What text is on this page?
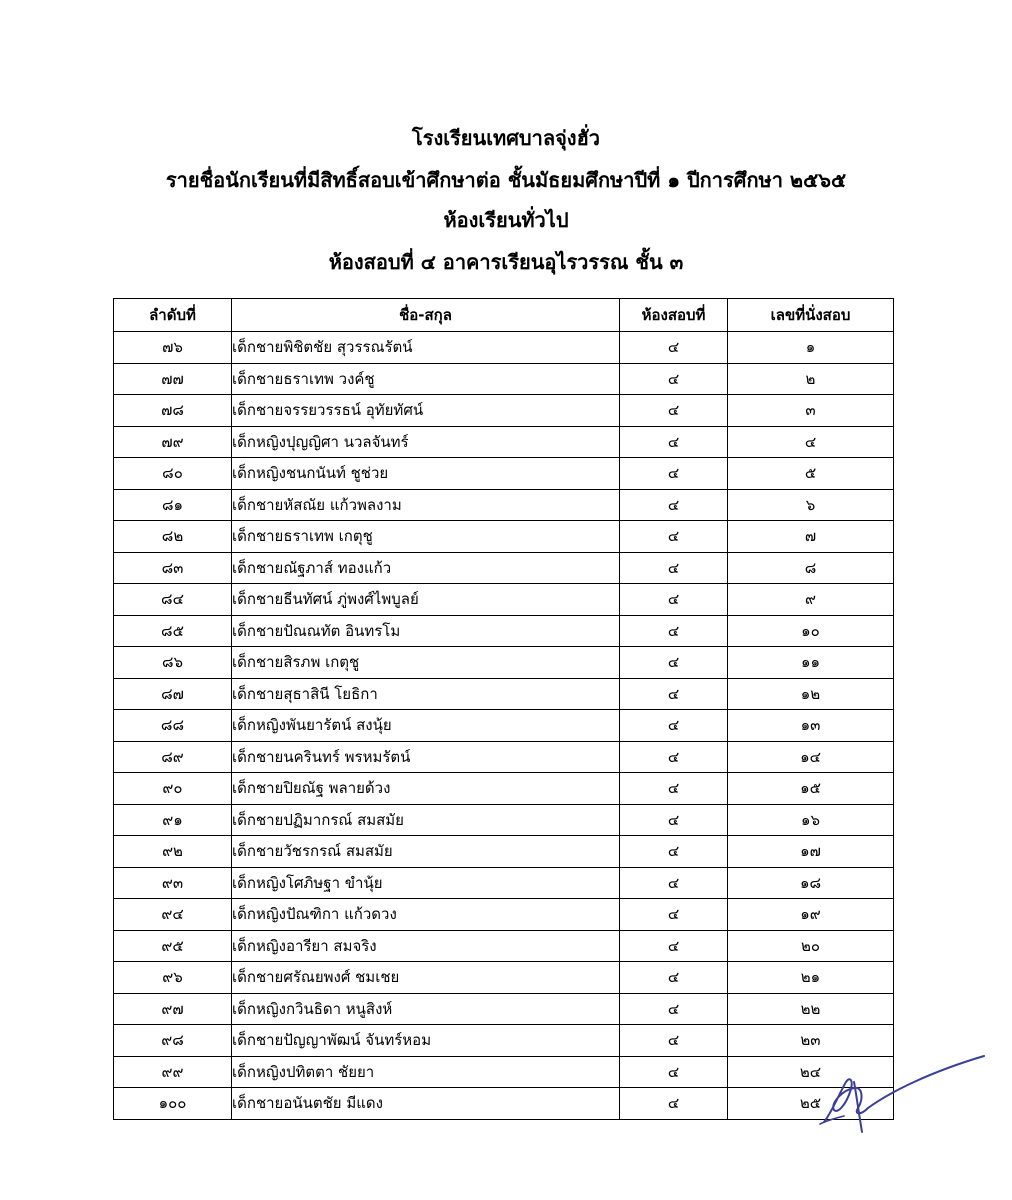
โรงเรียนเทศบาลจุ่งฮั่ว
รายชื่อนักเรียนที่มีสิทธิ์สอบเข้าศึกษาต่อ ชั้นมัธยมศึกษาปีที่ ๑ ปีการศึกษา ๒๕๖๕
ห้องเรียนทั่วไป
ห้องสอบที่ ๔ อาคารเรียนอุไรวรรณ ชั้น ๓
ลำดับที่	ชื่อ-สกุล	ห้องสอบที่	เลขที่นั่งสอบ
๗๖	เด็กชายพิชิตชัย สุวรรณรัตน์	๔	๑
๗๗	เด็กชายธราเทพ วงค์ชู	๔	๒
๗๘	เด็กชายจรรยวรรธน์ อุทัยทัศน์	๔	๓
๗๙	เด็กหญิงปุญญิศา นวลจันทร์	๔	๔
๘๐	เด็กหญิงชนกนันท์ ชูช่วย	๔	๕
๘๑	เด็กชายหัสณัย แก้วพลงาม	๔	๖
๘๒	เด็กชายธราเทพ เกตุชู	๔	๗
๘๓	เด็กชายณัฐภาส์ ทองแก้ว	๔	๘
๘๔	เด็กชายธีนทัศน์ ภู่พงศ์ไพบูลย์	๔	๙
๘๕	เด็กชายปัณณทัต อินทรโม	๔	๑๐
๘๖	เด็กชายสิรภพ เกตุชู	๔	๑๑
๘๗	เด็กชายสุธาสินี โยธิกา	๔	๑๒
๘๘	เด็กหญิงพันยารัตน์ สงนุ้ย	๔	๑๓
๘๙	เด็กชายนครินทร์ พรหมรัตน์	๔	๑๔
๙๐	เด็กชายปิยณัฐ พลายด้วง	๔	๑๕
๙๑	เด็กชายปฏิมากรณ์ สมสมัย	๔	๑๖
๙๒	เด็กชายวัชรกรณ์ สมสมัย	๔	๑๗
๙๓	เด็กหญิงโศภิษฐา ขำนุ้ย	๔	๑๘
๙๔	เด็กหญิงปัณฑิกา แก้วดวง	๔	๑๙
๙๕	เด็กหญิงอารียา สมจริง	๔	๒๐
๙๖	เด็กชายศรัณยพงศ์ ชมเชย	๔	๒๑
๙๗	เด็กหญิงกวินธิดา หนูสิงห์	๔	๒๒
๙๘	เด็กชายปัญญาพัฒน์ จันทร์หอม	๔	๒๓
๙๙	เด็กหญิงปทิตตา ชัยยา	๔	๒๔
๑๐๐	เด็กชายอนันตชัย มีแดง	๔	๒๕
